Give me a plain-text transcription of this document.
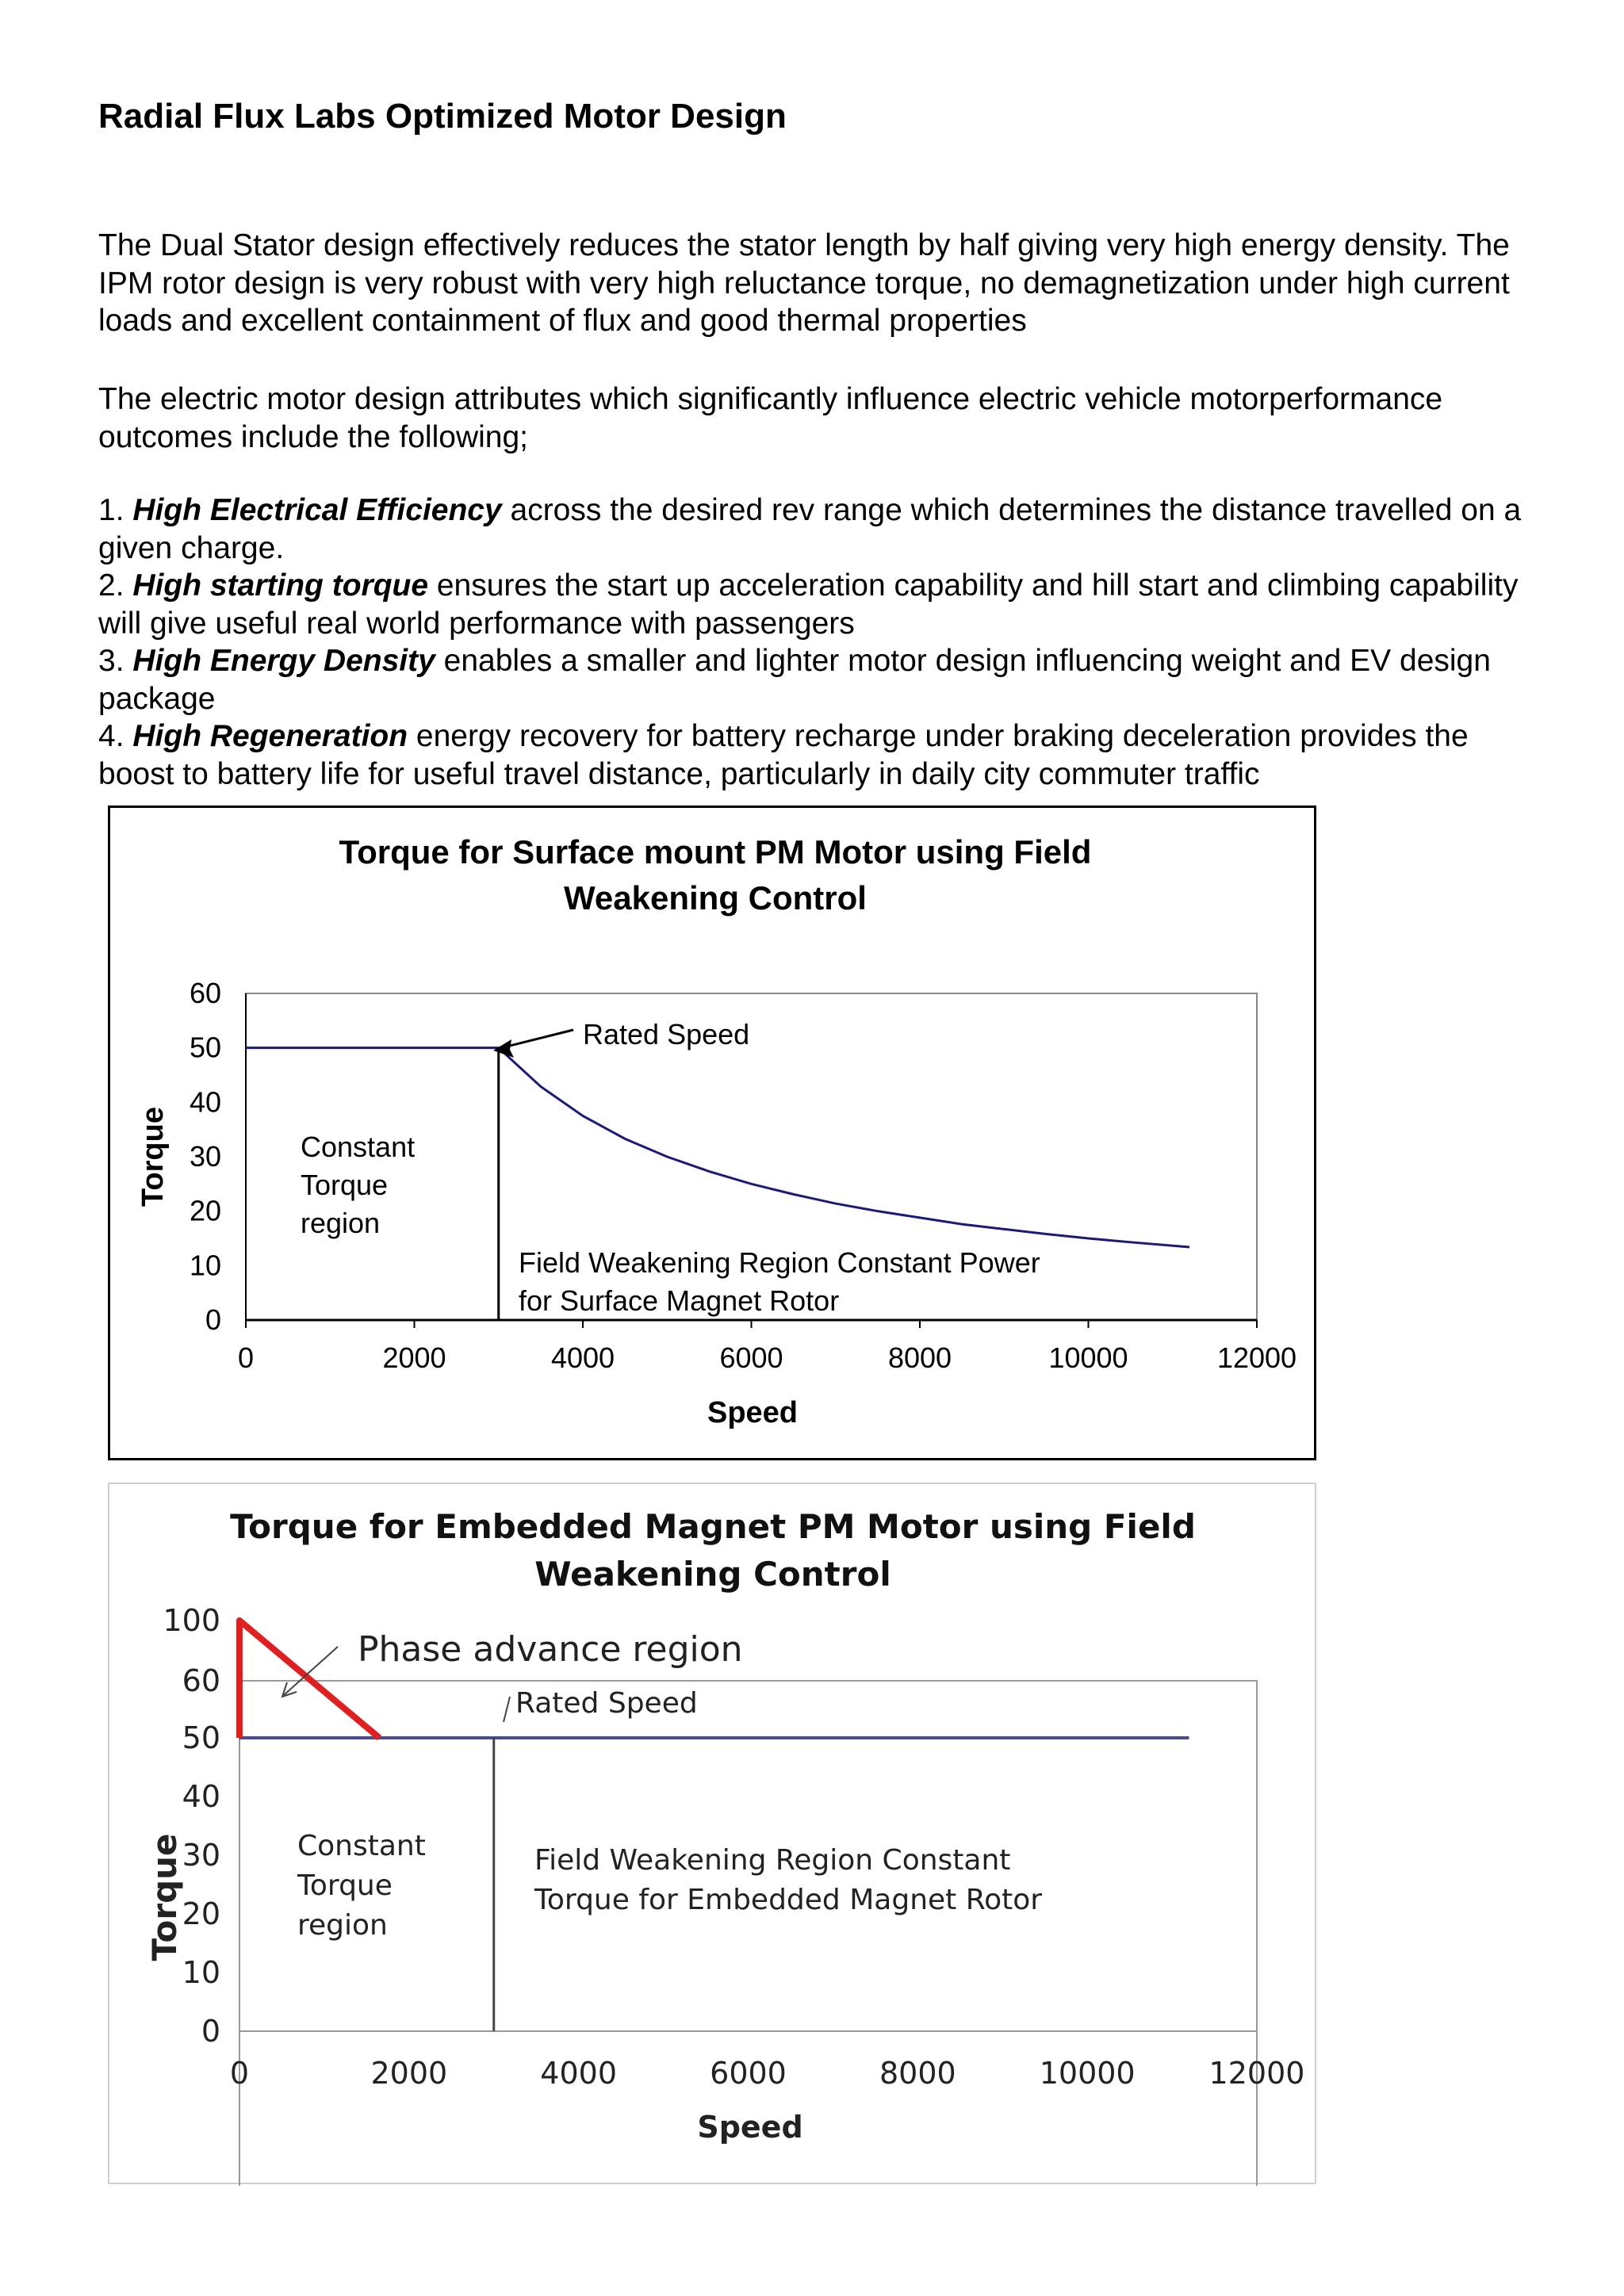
Radial Flux Labs Optimized Motor Design

The Dual Stator design effectively reduces the stator length by half giving very high energy density. The IPM rotor design is very robust with very high reluctance torque, no demagnetization under high current loads and excellent containment of flux and good thermal properties

The electric motor design attributes which significantly influence electric vehicle motorperformance outcomes include the following;

1. High Electrical Efficiency across the desired rev range which determines the distance travelled on a given charge.
2. High starting torque ensures the start up acceleration capability and hill start and climbing capability will give useful real world performance with passengers
3. High Energy Density enables a smaller and lighter motor design influencing weight and EV design package
4. High Regeneration energy recovery for battery recharge under braking deceleration provides the boost to battery life for useful travel distance, particularly in daily city commuter traffic
Torque for Surface mount PM Motor using Field
Weakening Control
0	2000	4000	6000	8000	10000	12000
0
10
20
30
40
50
60
Rated Speed
Constant
Torque
region
Field Weakening Region Constant Power
for Surface Magnet Rotor
Speed
Torque
Torque for Embedded Magnet PM Motor using Field
Weakening Control
0	2000	4000	6000	8000	10000 12000
0
10
20
30
40
50
60
100
Phase advance region
Rated Speed
Constant
Torque
region
Field Weakening Region Constant
Torque for Embedded Magnet Rotor
Speed
Torque
